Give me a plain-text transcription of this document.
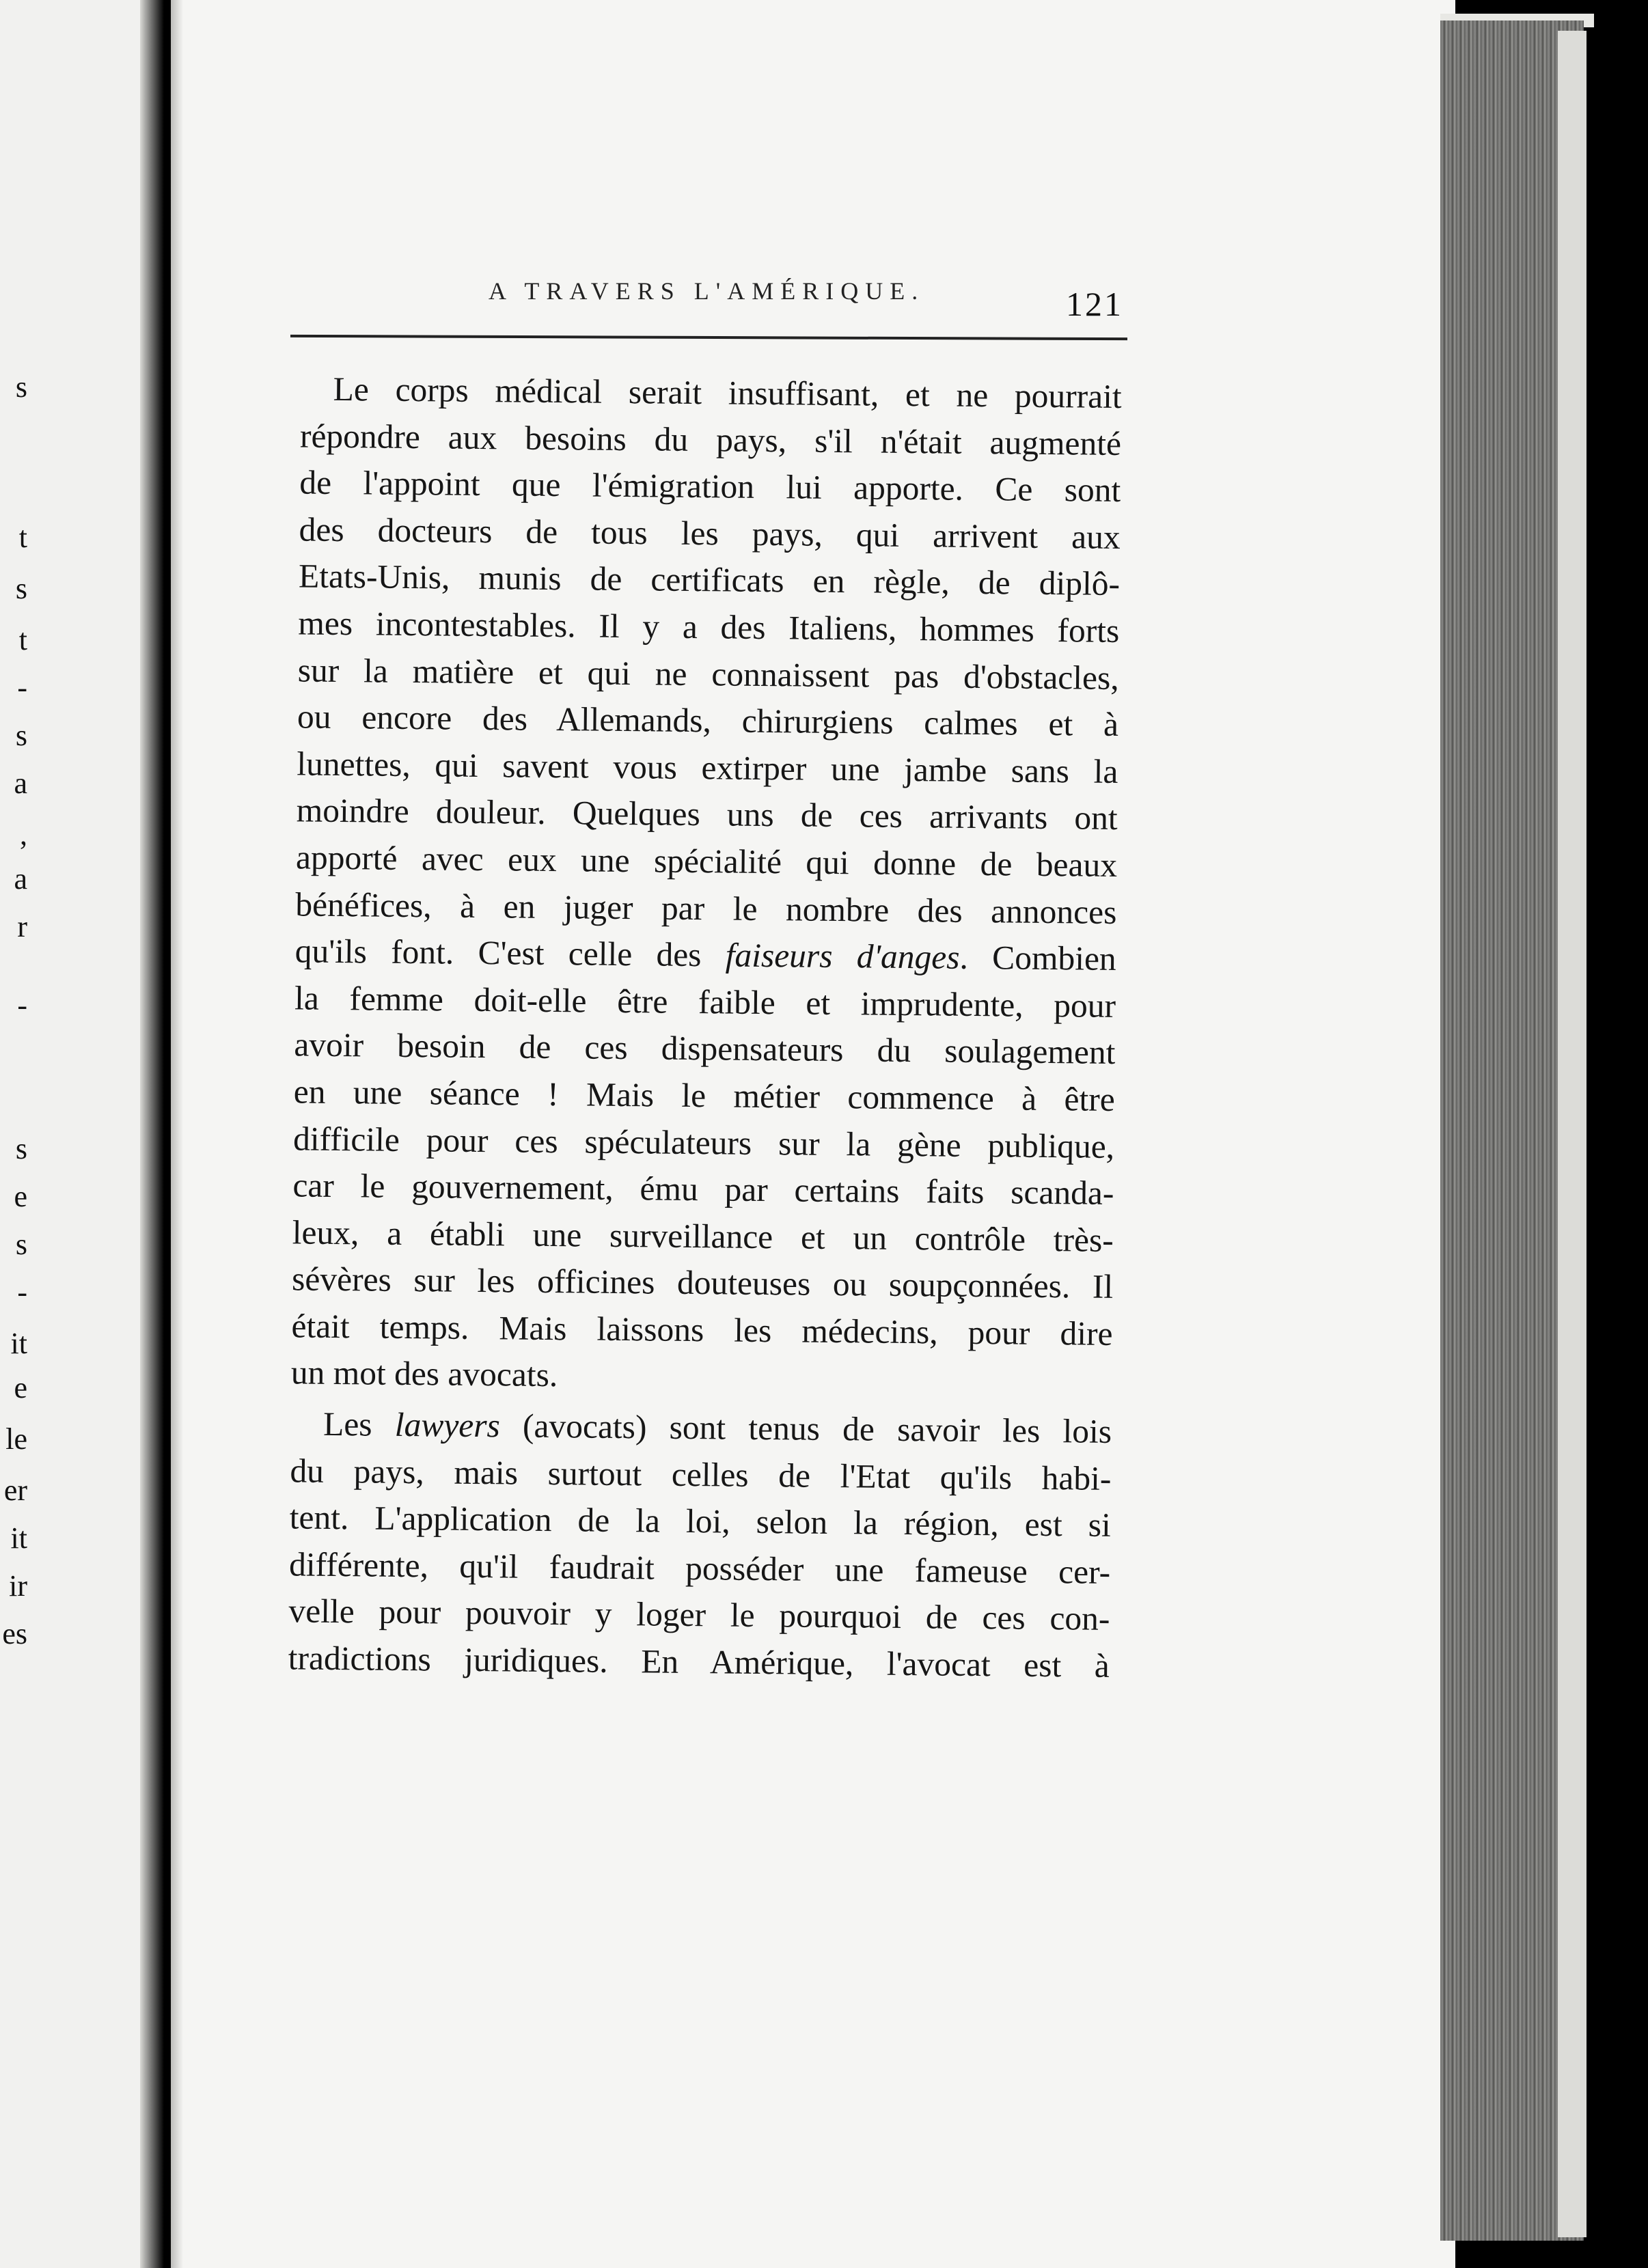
s
t
s
t
-
s
a
,
a
r
-
s
e
s
-
it
e
le
er
it
ir
es
A TRAVERS L'AMÉRIQUE.	121
Le corps médical serait insuffisant, et ne pourrait
répondre aux besoins du pays, s'il n'était augmenté
de l'appoint que l'émigration lui apporte. Ce sont
des docteurs de tous les pays, qui arrivent aux
Etats-Unis, munis de certificats en règle, de diplô-
mes incontestables. Il y a des Italiens, hommes forts
sur la matière et qui ne connaissent pas d'obstacles,
ou encore des Allemands, chirurgiens calmes et à
lunettes, qui savent vous extirper une jambe sans la
moindre douleur. Quelques uns de ces arrivants ont
apporté avec eux une spécialité qui donne de beaux
bénéfices, à en juger par le nombre des annonces
qu'ils font. C'est celle des faiseurs d'anges. Combien
la femme doit-elle être faible et imprudente, pour
avoir besoin de ces dispensateurs du soulagement
en une séance ! Mais le métier commence à être
difficile pour ces spéculateurs sur la gène publique,
car le gouvernement, ému par certains faits scanda-
leux, a établi une surveillance et un contrôle très-
sévères sur les officines douteuses ou soupçonnées. Il
était temps. Mais laissons les médecins, pour dire
un mot des avocats.
Les lawyers (avocats) sont tenus de savoir les lois
du pays, mais surtout celles de l'Etat qu'ils habi-
tent. L'application de la loi, selon la région, est si
différente, qu'il faudrait posséder une fameuse cer-
velle pour pouvoir y loger le pourquoi de ces con-
tradictions juridiques. En Amérique, l'avocat est à
